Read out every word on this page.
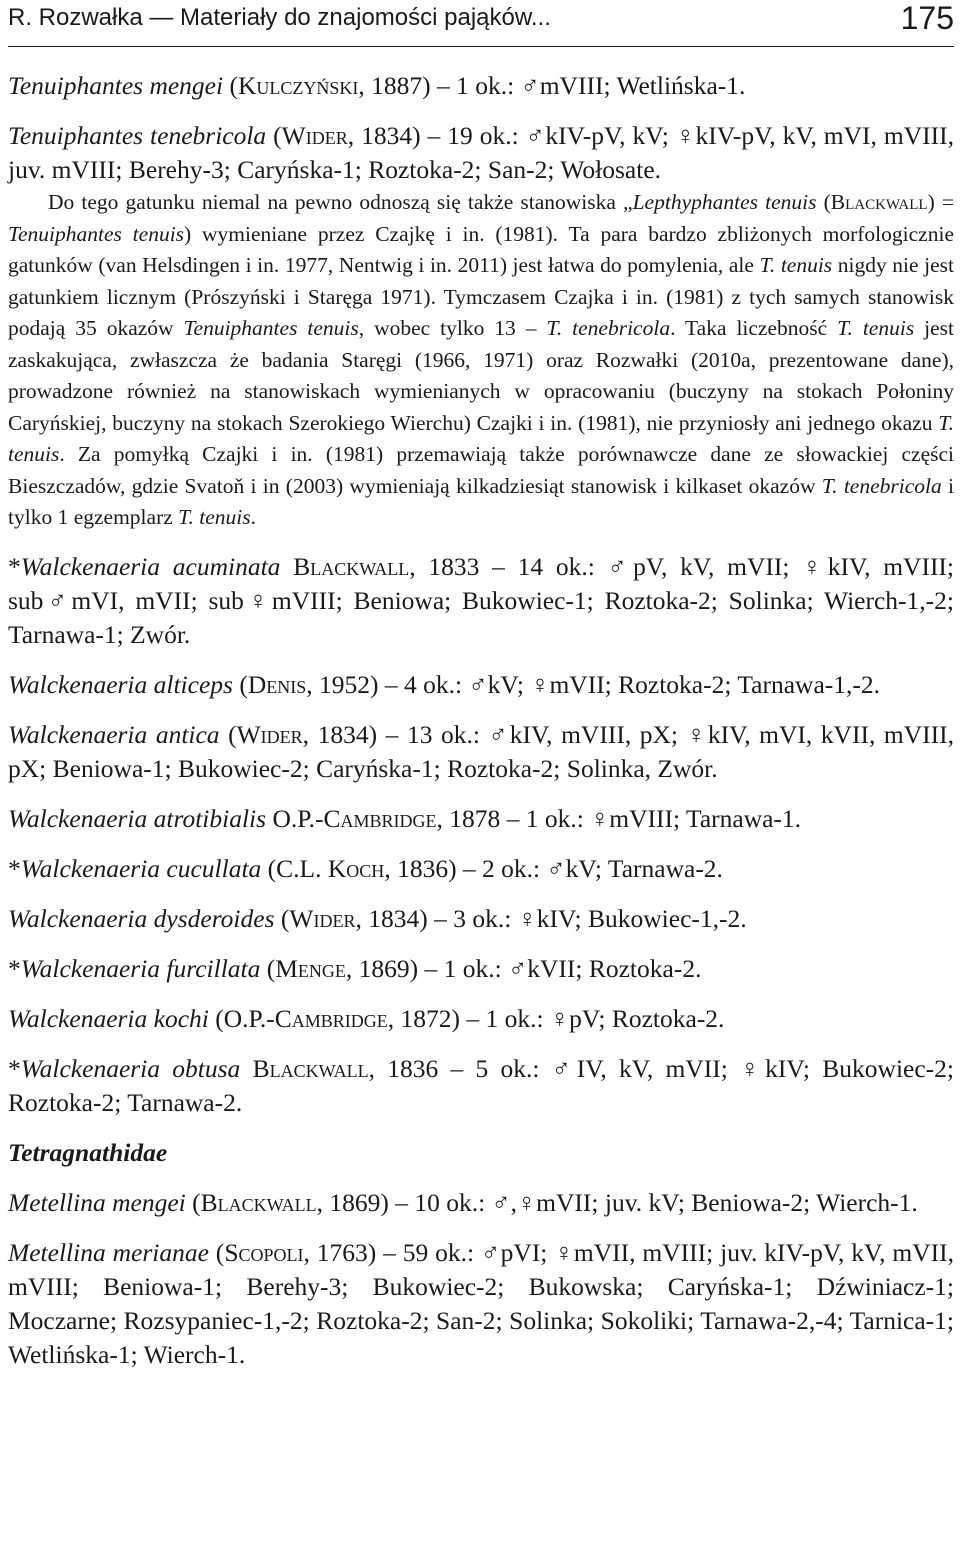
R. Rozwałka — Materiały do znajomości pająków...	175

Tenuiphantes mengei (Kulczyński, 1887) – 1 ok.: ♂mVIII; Wetlińska-1.

Tenuiphantes tenebricola (Wider, 1834) – 19 ok.: ♂kIV-pV, kV; ♀kIV-pV, kV, mVI, mVIII, juv. mVIII; Berehy-3; Caryńska-1; Roztoka-2; San-2; Wołosate.

Do tego gatunku niemal na pewno odnoszą się także stanowiska „Lepthyphantes tenuis (Blackwall) = Tenuiphantes tenuis) wymieniane przez Czajkę i in. (1981). Ta para bardzo zbliżonych morfologicznie gatunków (van Helsdingen i in. 1977, Nentwig i in. 2011) jest łatwa do pomylenia, ale T. tenuis nigdy nie jest gatunkiem licznym (Prószyński i Staręga 1971). Tymczasem Czajka i in. (1981) z tych samych stanowisk podają 35 okazów Tenuiphantes tenuis, wobec tylko 13 – T. tenebricola. Taka liczebność T. tenuis jest zaskakująca, zwłaszcza że badania Staręgi (1966, 1971) oraz Rozwałki (2010a, prezentowane dane), prowadzone również na stanowiskach wymienianych w opracowaniu (buczyny na stokach Połoniny Caryńskiej, buczyny na stokach Szerokiego Wierchu) Czajki i in. (1981), nie przyniosły ani jednego okazu T. tenuis. Za pomyłką Czajki i in. (1981) przemawiają także porównawcze dane ze słowackiej części Bieszczadów, gdzie Svatoň i in (2003) wymieniają kilkadziesiąt stanowisk i kilkaset okazów T. tenebricola i tylko 1 egzemplarz T. tenuis.

*Walckenaeria acuminata Blackwall, 1833 – 14 ok.: ♂pV, kV, mVII; ♀kIV, mVIII; sub♂mVI, mVII; sub♀mVIII; Beniowa; Bukowiec-1; Roztoka-2; Solinka; Wierch-1,-2; Tarnawa-1; Zwór.

Walckenaeria alticeps (Denis, 1952) – 4 ok.: ♂kV; ♀mVII; Roztoka-2; Tarnawa-1,-2.

Walckenaeria antica (Wider, 1834) – 13 ok.: ♂kIV, mVIII, pX; ♀kIV, mVI, kVII, mVIII, pX; Beniowa-1; Bukowiec-2; Caryńska-1; Roztoka-2; Solinka, Zwór.

Walckenaeria atrotibialis O.P.-Cambridge, 1878 – 1 ok.: ♀mVIII; Tarnawa-1.

*Walckenaeria cucullata (C.L. Koch, 1836) – 2 ok.: ♂kV; Tarnawa-2.

Walckenaeria dysderoides (Wider, 1834) – 3 ok.: ♀kIV; Bukowiec-1,-2.

*Walckenaeria furcillata (Menge, 1869) – 1 ok.: ♂kVII; Roztoka-2.

Walckenaeria kochi (O.P.-Cambridge, 1872) – 1 ok.: ♀pV; Roztoka-2.

*Walckenaeria obtusa Blackwall, 1836 – 5 ok.: ♂IV, kV, mVII; ♀kIV; Bukowiec-2; Roztoka-2; Tarnawa-2.

Tetragnathidae

Metellina mengei (Blackwall, 1869) – 10 ok.: ♂,♀mVII; juv. kV; Beniowa-2; Wierch-1.

Metellina merianae (Scopoli, 1763) – 59 ok.: ♂pVI; ♀mVII, mVIII; juv. kIV-pV, kV, mVII, mVIII; Beniowa-1; Berehy-3; Bukowiec-2; Bukowska; Caryńska-1; Dźwiniacz-1; Moczarne; Rozsypaniec-1,-2; Roztoka-2; San-2; Solinka; Sokoliki; Tarnawa-2,-4; Tarnica-1; Wetlińska-1; Wierch-1.
